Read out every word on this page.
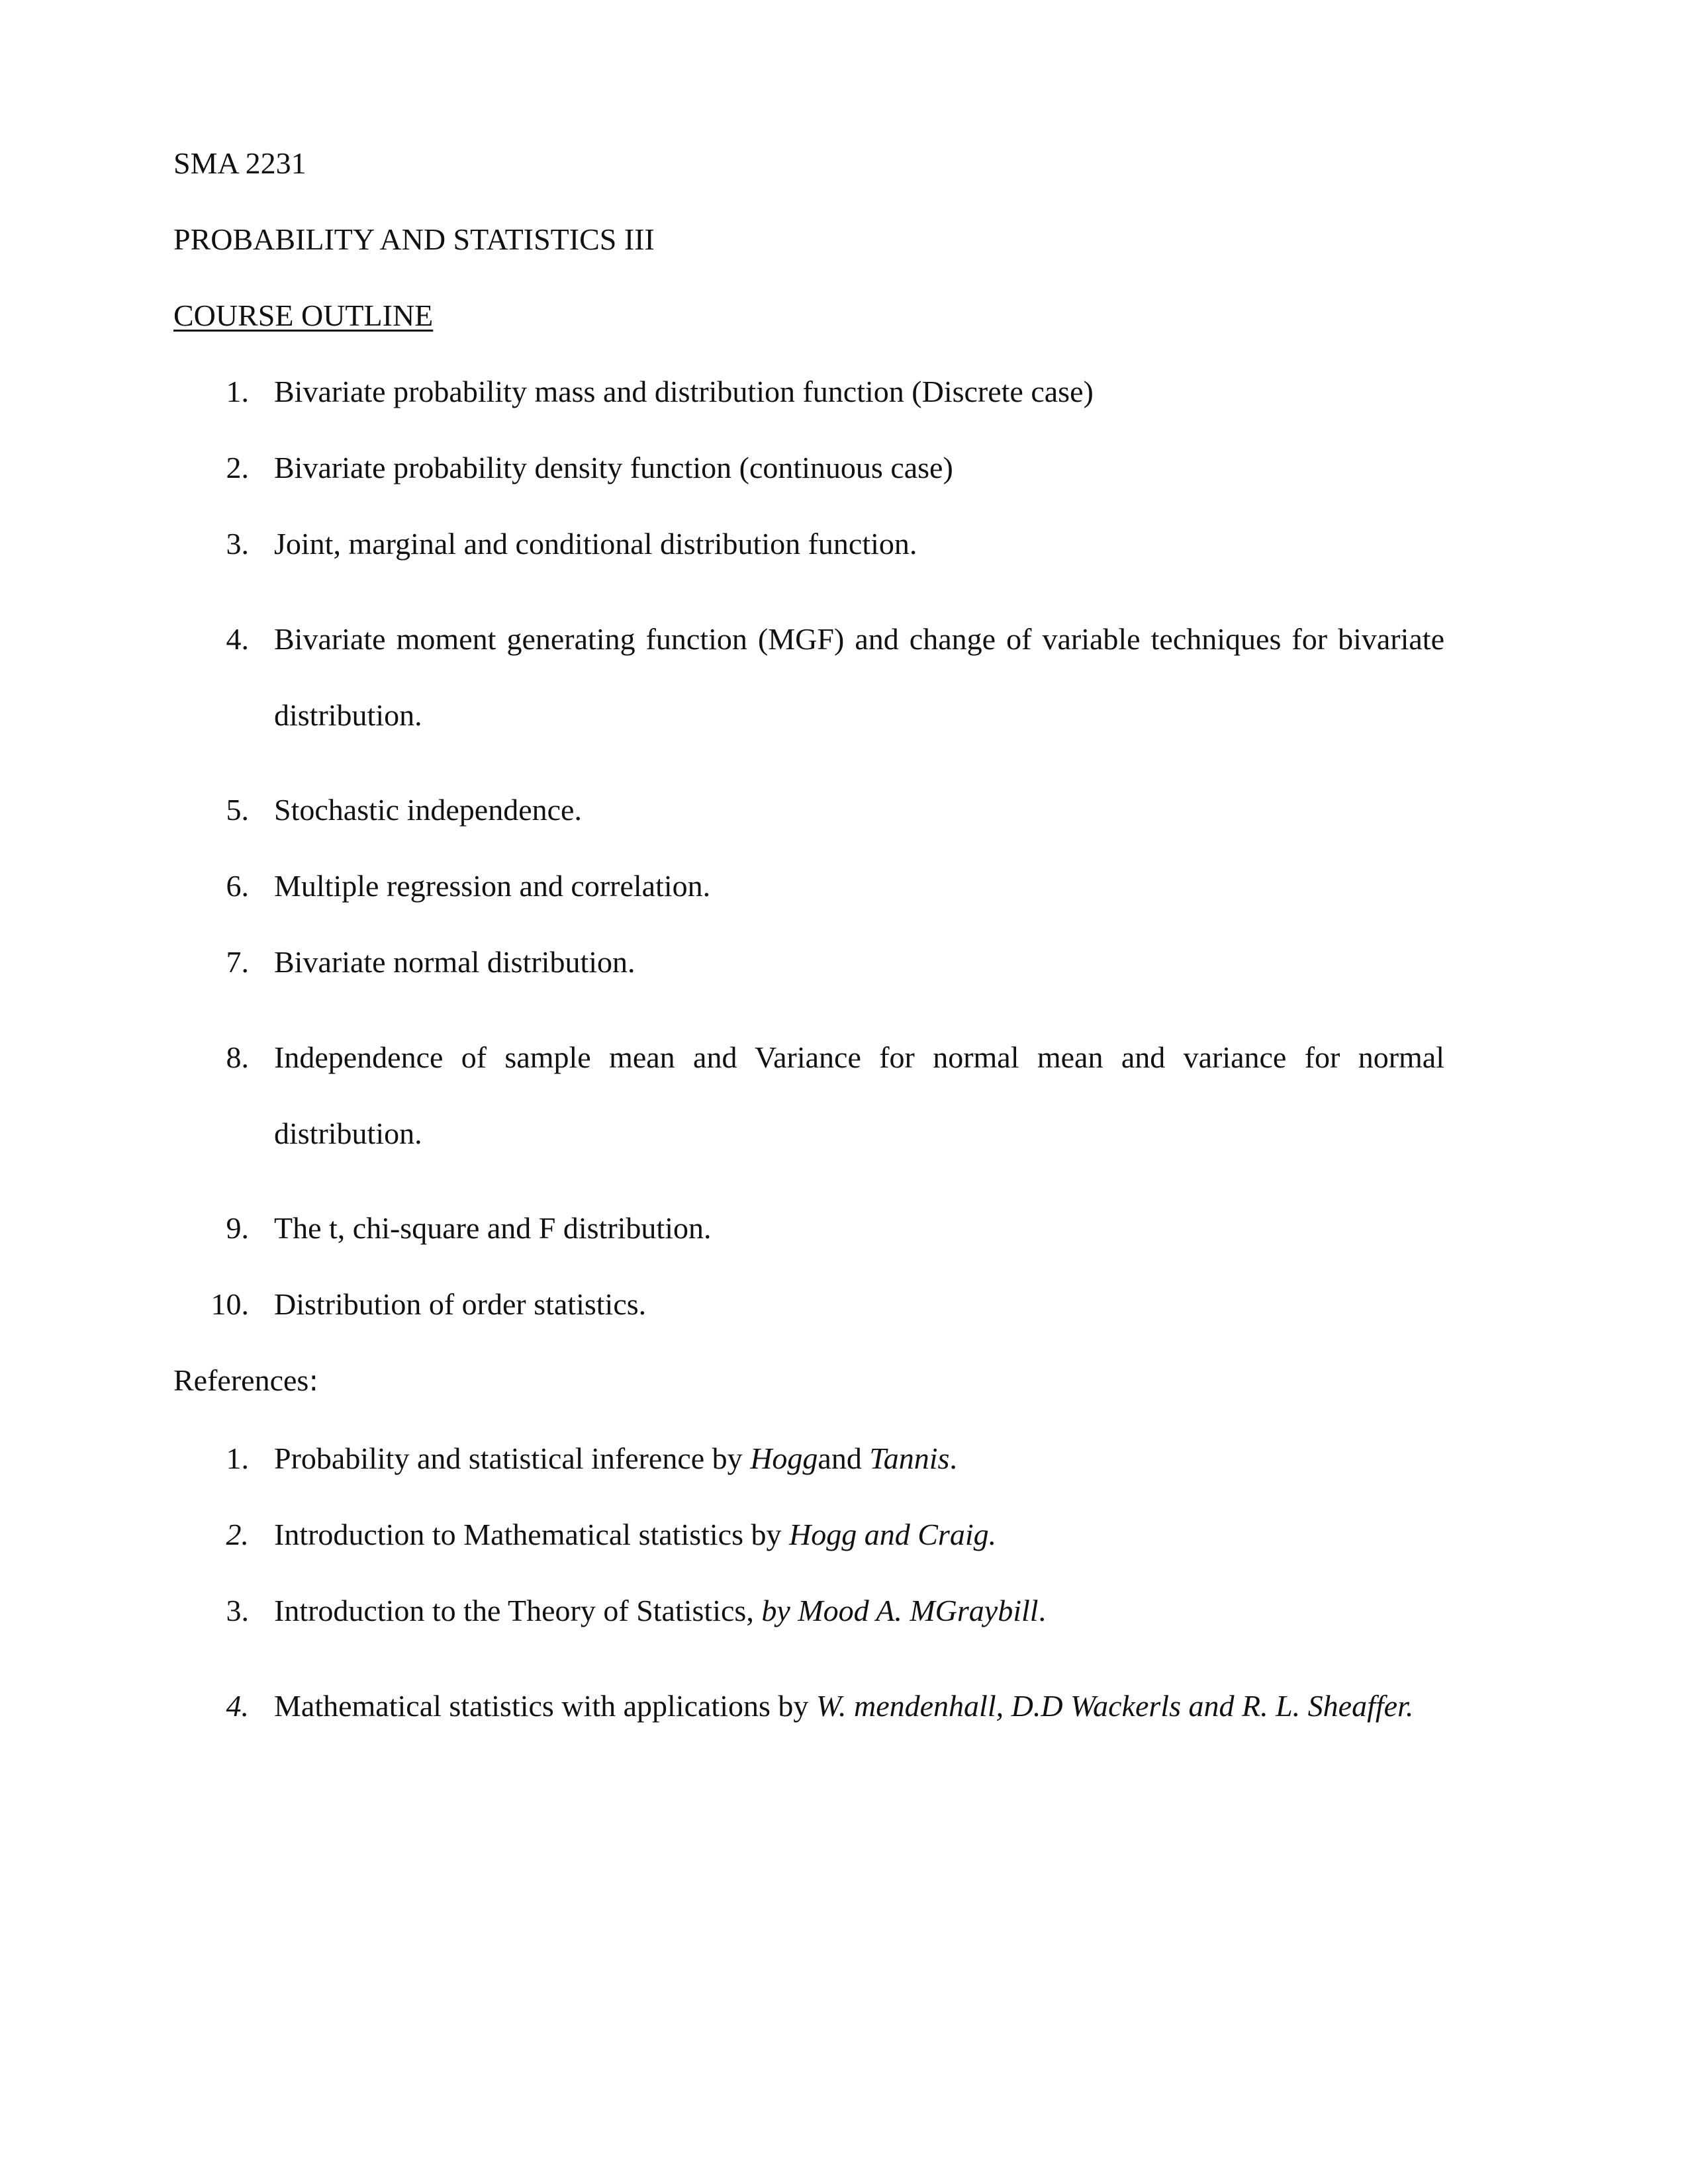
SMA 2231

PROBABILITY AND STATISTICS III

COURSE OUTLINE

1. Bivariate probability mass and distribution function (Discrete case)
2. Bivariate probability density function (continuous case)
3. Joint, marginal and conditional distribution function.
4. Bivariate moment generating function (MGF) and change of variable techniques for bivariate distribution.
5. Stochastic independence.
6. Multiple regression and correlation.
7. Bivariate normal distribution.
8. Independence of sample mean and Variance for normal mean and variance for normal distribution.
9. The t, chi-square and F distribution.
10. Distribution of order statistics.

References:

1. Probability and statistical inference by Hoggand Tannis.
2. Introduction to Mathematical statistics by Hogg and Craig.
3. Introduction to the Theory of Statistics, by Mood A. MGraybill.
4. Mathematical statistics with applications by W. mendenhall, D.D Wackerls and R. L. Sheaffer.
